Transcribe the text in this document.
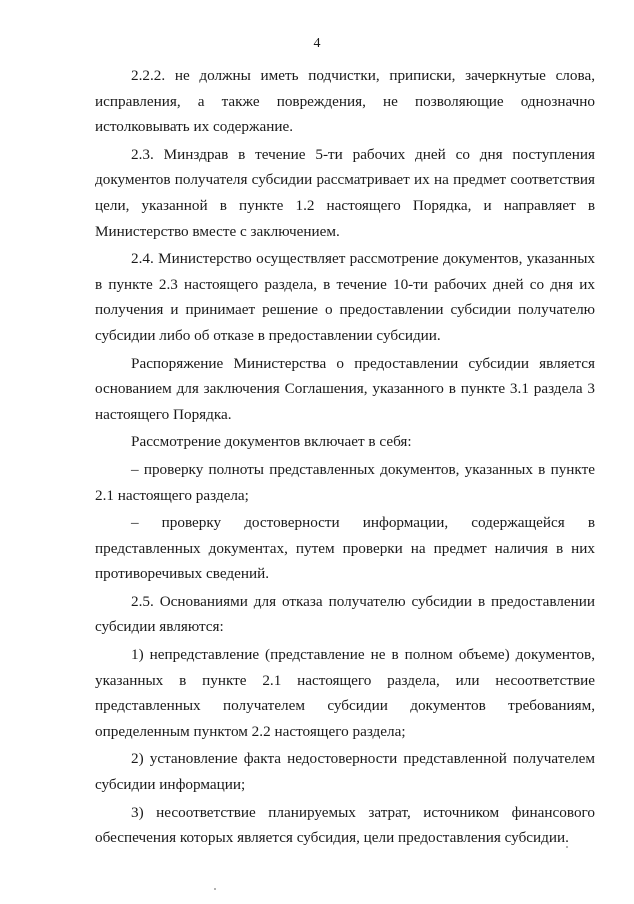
4

2.2.2. не должны иметь подчистки, приписки, зачеркнутые слова, исправления, а также повреждения, не позволяющие однозначно истолковывать их содержание.

2.3. Минздрав в течение 5-ти рабочих дней со дня поступления документов получателя субсидии рассматривает их на предмет соответствия цели, указанной в пункте 1.2 настоящего Порядка, и направляет в Министерство вместе с заключением.

2.4. Министерство осуществляет рассмотрение документов, указанных в пункте 2.3 настоящего раздела, в течение 10-ти рабочих дней со дня их получения и принимает решение о предоставлении субсидии получателю субсидии либо об отказе в предоставлении субсидии.

Распоряжение Министерства о предоставлении субсидии является основанием для заключения Соглашения, указанного в пункте 3.1 раздела 3 настоящего Порядка.

Рассмотрение документов включает в себя:

– проверку полноты представленных документов, указанных в пункте 2.1 настоящего раздела;

– проверку достоверности информации, содержащейся в представленных документах, путем проверки на предмет наличия в них противоречивых сведений.

2.5. Основаниями для отказа получателю субсидии в предоставлении субсидии являются:

1) непредставление (представление не в полном объеме) документов, указанных в пункте 2.1 настоящего раздела, или несоответствие представленных получателем субсидии документов требованиям, определенным пунктом 2.2 настоящего раздела;

2) установление факта недостоверности представленной получателем субсидии информации;

3) несоответствие планируемых затрат, источником финансового обеспечения которых является субсидия, цели предоставления субсидии.
